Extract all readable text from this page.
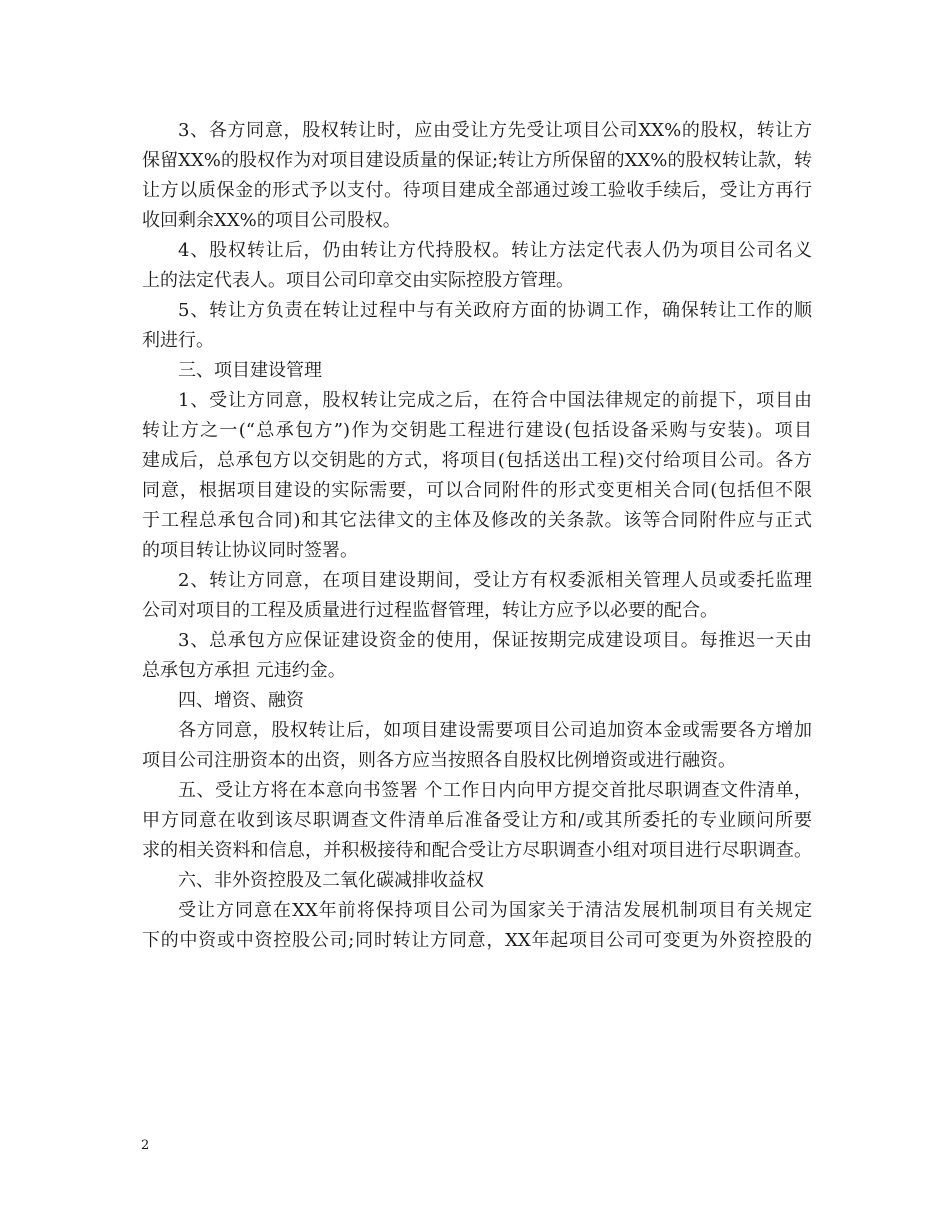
3、各方同意，股权转让时，应由受让方先受让项目公司XX%的股权，转让方
保留XX%的股权作为对项目建设质量的保证;转让方所保留的XX%的股权转让款，转
让方以质保金的形式予以支付。待项目建成全部通过竣工验收手续后，受让方再行
收回剩余XX%的项目公司股权。
4、股权转让后，仍由转让方代持股权。转让方法定代表人仍为项目公司名义
上的法定代表人。项目公司印章交由实际控股方管理。
5、转让方负责在转让过程中与有关政府方面的协调工作，确保转让工作的顺
利进行。
三、项目建设管理
1、受让方同意，股权转让完成之后，在符合中国法律规定的前提下，项目由
转让方之一(“总承包方”)作为交钥匙工程进行建设(包括设备采购与安装)。项目
建成后，总承包方以交钥匙的方式，将项目(包括送出工程)交付给项目公司。各方
同意，根据项目建设的实际需要，可以合同附件的形式变更相关合同(包括但不限
于工程总承包合同)和其它法律文的主体及修改的关条款。该等合同附件应与正式
的项目转让协议同时签署。
2、转让方同意，在项目建设期间，受让方有权委派相关管理人员或委托监理
公司对项目的工程及质量进行过程监督管理，转让方应予以必要的配合。
3、总承包方应保证建设资金的使用，保证按期完成建设项目。每推迟一天由
总承包方承担 元违约金。
四、增资、融资
各方同意，股权转让后，如项目建设需要项目公司追加资本金或需要各方增加
项目公司注册资本的出资，则各方应当按照各自股权比例增资或进行融资。
五、受让方将在本意向书签署 个工作日内向甲方提交首批尽职调查文件清单，
甲方同意在收到该尽职调查文件清单后准备受让方和/或其所委托的专业顾问所要
求的相关资料和信息，并积极接待和配合受让方尽职调查小组对项目进行尽职调查。
六、非外资控股及二氧化碳减排收益权
受让方同意在XX年前将保持项目公司为国家关于清洁发展机制项目有关规定
下的中资或中资控股公司;同时转让方同意，XX年起项目公司可变更为外资控股的
2
